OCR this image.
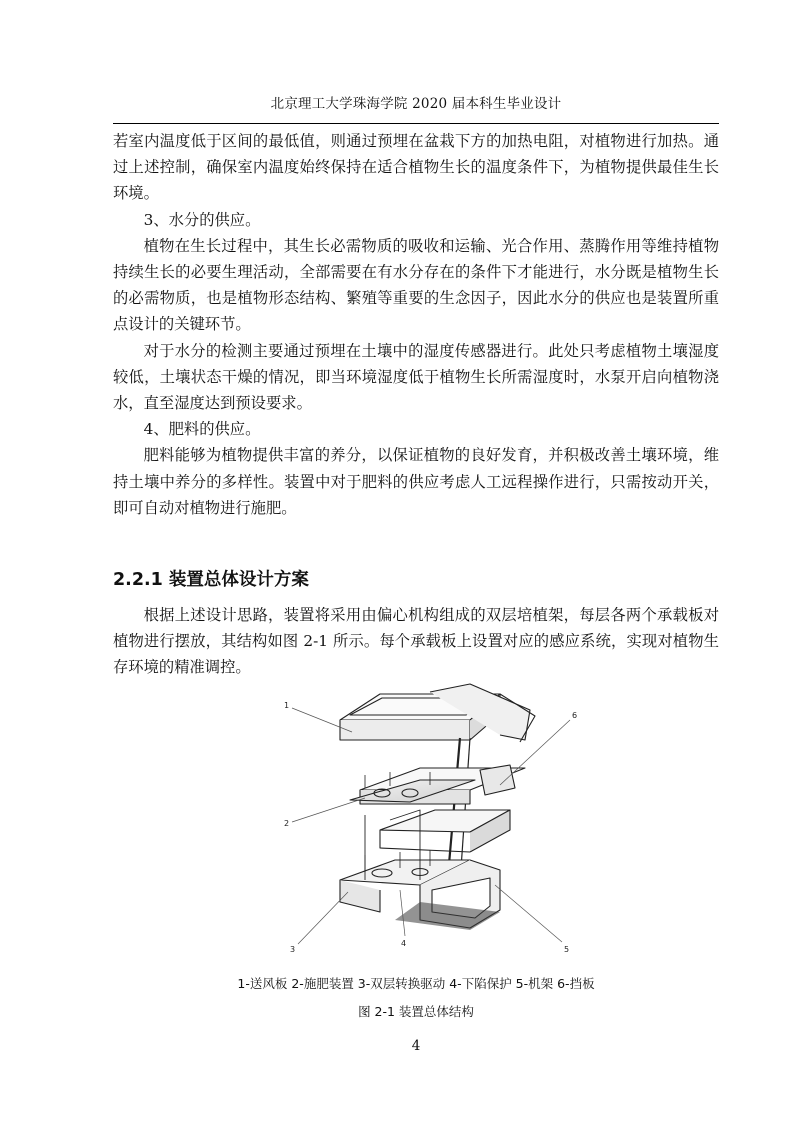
北京理工大学珠海学院 2020 届本科生毕业设计

若室内温度低于区间的最低值，则通过预埋在盆栽下方的加热电阻，对植物进行加热。通过上述控制，确保室内温度始终保持在适合植物生长的温度条件下，为植物提供最佳生长环境。

3、水分的供应。

植物在生长过程中，其生长必需物质的吸收和运输、光合作用、蒸腾作用等维持植物持续生长的必要生理活动，全部需要在有水分存在的条件下才能进行，水分既是植物生长的必需物质，也是植物形态结构、繁殖等重要的生念因子，因此水分的供应也是装置所重点设计的关键环节。

对于水分的检测主要通过预埋在土壤中的湿度传感器进行。此处只考虑植物土壤湿度较低，土壤状态干燥的情况，即当环境湿度低于植物生长所需湿度时，水泵开启向植物浇水，直至湿度达到预设要求。

4、肥料的供应。

肥料能够为植物提供丰富的养分，以保证植物的良好发育，并积极改善土壤环境，维持土壤中养分的多样性。装置中对于肥料的供应考虑人工远程操作进行，只需按动开关，即可自动对植物进行施肥。

2.2.1 装置总体设计方案

根据上述设计思路，装置将采用由偏心机构组成的双层培植架，每层各两个承载板对植物进行摆放，其结构如图 2-1 所示。每个承载板上设置对应的感应系统，实现对植物生存环境的精准调控。

1
2
3
4
5
6
1-送风板 2-施肥装置 3-双层转换驱动 4-下陷保护 5-机架 6-挡板
图 2-1 装置总体结构
4
